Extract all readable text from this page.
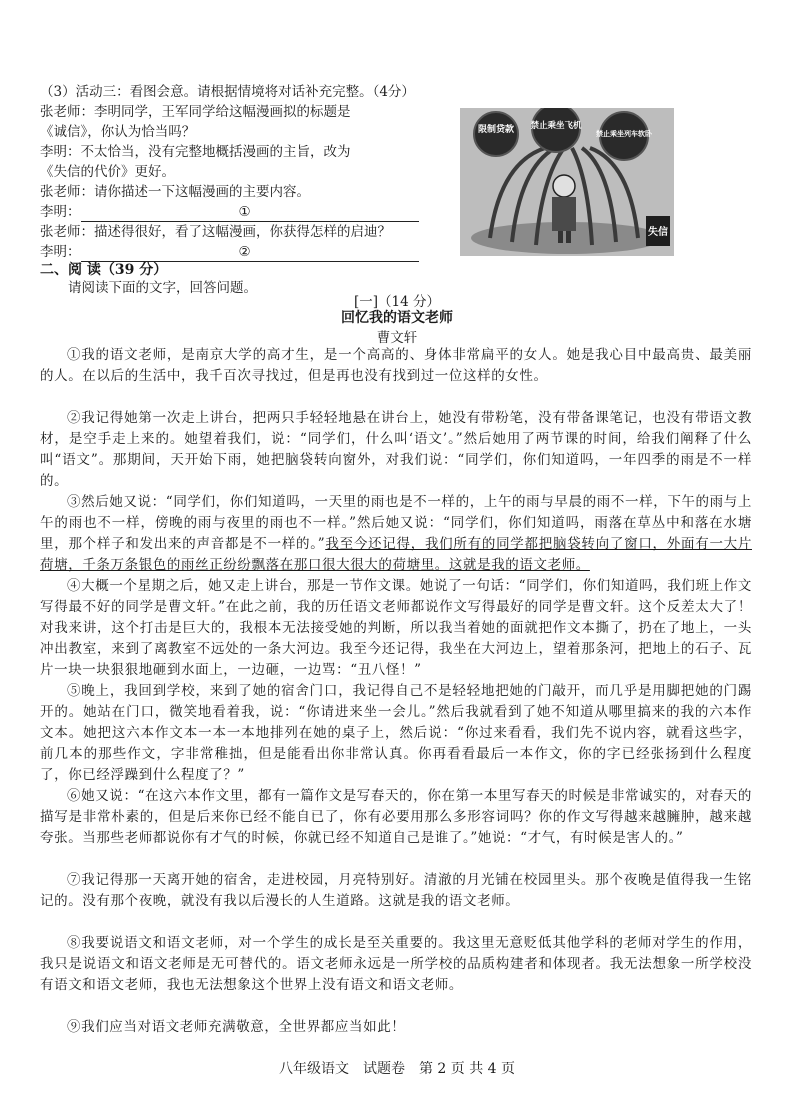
（3）活动三：看图会意。请根据情境将对话补充完整。（4分）
张老师：李明同学，王军同学给这幅漫画拟的标题是
《诚信》，你认为恰当吗？
李明：不太恰当，没有完整地概括漫画的主旨，改为
《失信的代价》更好。
张老师：请你描述一下这幅漫画的主要内容。
李明：	①
张老师：描述得很好，看了这幅漫画，你获得怎样的启迪？
李明：	②
限制贷款 禁止乘坐飞机
禁止乘坐列车软卧
失信
二、阅 读（39 分）
请阅读下面的文字，回答问题。
[一]（14 分）
回忆我的语文老师
曹文轩
①我的语文老师，是南京大学的高才生，是一个高高的、身体非常扁平的女人。她是我心目中最高贵、最美丽的人。在以后的生活中，我千百次寻找过，但是再也没有找到过一位这样的女性。
②我记得她第一次走上讲台，把两只手轻轻地悬在讲台上，她没有带粉笔，没有带备课笔记，也没有带语文教材，是空手走上来的。她望着我们，说：“同学们，什么叫‘语文’。”然后她用了两节课的时间，给我们阐释了什么叫“语文”。那期间，天开始下雨，她把脑袋转向窗外，对我们说：“同学们，你们知道吗，一年四季的雨是不一样的。
③然后她又说：“同学们，你们知道吗，一天里的雨也是不一样的，上午的雨与早晨的雨不一样，下午的雨与上午的雨也不一样，傍晚的雨与夜里的雨也不一样。”然后她又说：“同学们，你们知道吗，雨落在草丛中和落在水塘里，那个样子和发出来的声音都是不一样的。”我至今还记得，我们所有的同学都把脑袋转向了窗口，外面有一大片荷塘，千条万条银色的雨丝正纷纷飘落在那口很大很大的荷塘里。这就是我的语文老师。
④大概一个星期之后，她又走上讲台，那是一节作文课。她说了一句话：“同学们，你们知道吗，我们班上作文写得最不好的同学是曹文轩。”在此之前，我的历任语文老师都说作文写得最好的同学是曹文轩。这个反差太大了！对我来讲，这个打击是巨大的，我根本无法接受她的判断，所以我当着她的面就把作文本撕了，扔在了地上，一头冲出教室，来到了离教室不远处的一条大河边。我至今还记得，我坐在大河边上，望着那条河，把地上的石子、瓦片一块一块狠狠地砸到水面上，一边砸，一边骂：“丑八怪！”
⑤晚上，我回到学校，来到了她的宿舍门口，我记得自己不是轻轻地把她的门敲开，而几乎是用脚把她的门踢开的。她站在门口，微笑地看着我，说：“你请进来坐一会儿。”然后我就看到了她不知道从哪里搞来的我的六本作文本。她把这六本作文本一本一本地排列在她的桌子上，然后说：“你过来看看，我们先不说内容，就看这些字，前几本的那些作文，字非常稚拙，但是能看出你非常认真。你再看看最后一本作文，你的字已经张扬到什么程度了，你已经浮躁到什么程度了？”
⑥她又说：“在这六本作文里，都有一篇作文是写春天的，你在第一本里写春天的时候是非常诚实的，对春天的描写是非常朴素的，但是后来你已经不能自已了，你有必要用那么多形容词吗？你的作文写得越来越臃肿，越来越夸张。当那些老师都说你有才气的时候，你就已经不知道自己是谁了。”她说：“才气，有时候是害人的。”
⑦我记得那一天离开她的宿舍，走进校园，月亮特别好。清澈的月光铺在校园里头。那个夜晚是值得我一生铭记的。没有那个夜晚，就没有我以后漫长的人生道路。这就是我的语文老师。
⑧我要说语文和语文老师，对一个学生的成长是至关重要的。我这里无意贬低其他学科的老师对学生的作用，我只是说语文和语文老师是无可替代的。语文老师永远是一所学校的品质构建者和体现者。我无法想象一所学校没有语文和语文老师，我也无法想象这个世界上没有语文和语文老师。
⑨我们应当对语文老师充满敬意，全世界都应当如此！
八年级语文　试题卷　第 2 页 共 4 页
